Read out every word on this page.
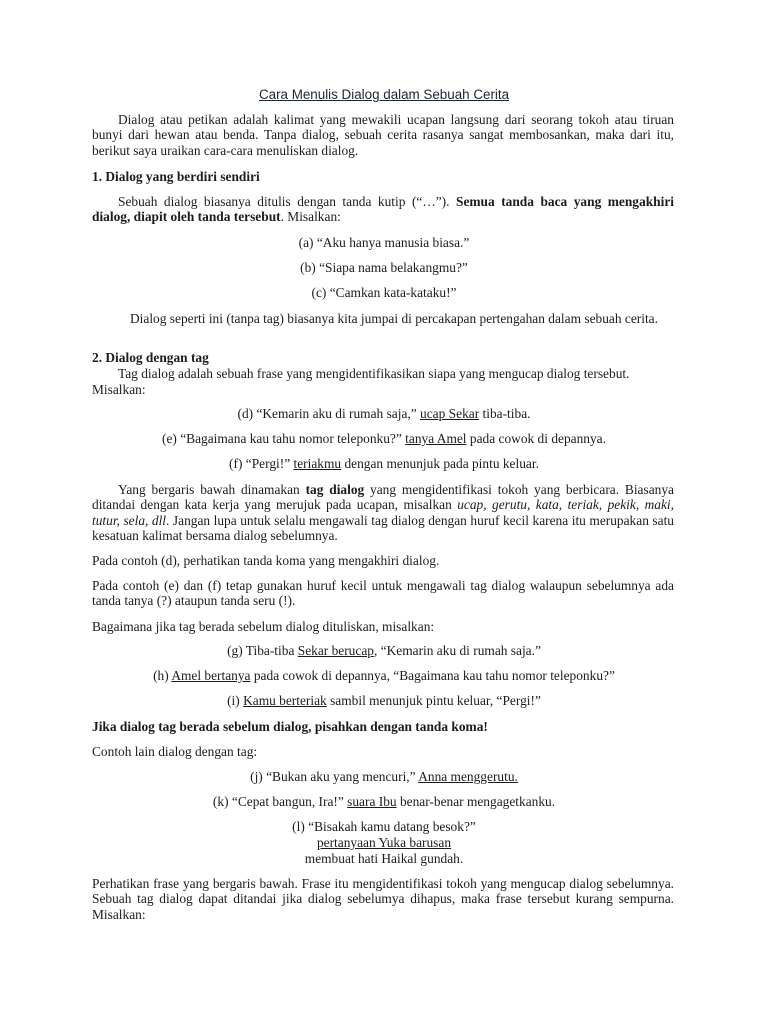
Cara Menulis Dialog dalam Sebuah Cerita
Dialog atau petikan adalah kalimat yang mewakili ucapan langsung dari seorang tokoh atau tiruan bunyi dari hewan atau benda. Tanpa dialog, sebuah cerita rasanya sangat membosankan, maka dari itu, berikut saya uraikan cara-cara menuliskan dialog.
1. Dialog yang berdiri sendiri
Sebuah dialog biasanya ditulis dengan tanda kutip (“…”). Semua tanda baca yang mengakhiri dialog, diapit oleh tanda tersebut. Misalkan:
(a) “Aku hanya manusia biasa.”
(b) “Siapa nama belakangmu?”
(c) “Camkan kata-kataku!”
Dialog seperti ini (tanpa tag) biasanya kita jumpai di percakapan pertengahan dalam sebuah cerita.
2. Dialog dengan tag
Tag dialog adalah sebuah frase yang mengidentifikasikan siapa yang mengucap dialog tersebut.
Misalkan:
(d) “Kemarin aku di rumah saja,” ucap Sekar tiba-tiba.
(e) “Bagaimana kau tahu nomor teleponku?” tanya Amel pada cowok di depannya.
(f) “Pergi!” teriakmu dengan menunjuk pada pintu keluar.
Yang bergaris bawah dinamakan tag dialog yang mengidentifikasi tokoh yang berbicara. Biasanya ditandai dengan kata kerja yang merujuk pada ucapan, misalkan ucap, gerutu, kata, teriak, pekik, maki, tutur, sela, dll. Jangan lupa untuk selalu mengawali tag dialog dengan huruf kecil karena itu merupakan satu kesatuan kalimat bersama dialog sebelumnya.
Pada contoh (d), perhatikan tanda koma yang mengakhiri dialog.
Pada contoh (e) dan (f) tetap gunakan huruf kecil untuk mengawali tag dialog walaupun sebelumnya ada tanda tanya (?) ataupun tanda seru (!).
Bagaimana jika tag berada sebelum dialog dituliskan, misalkan:
(g) Tiba-tiba Sekar berucap, “Kemarin aku di rumah saja.”
(h) Amel bertanya pada cowok di depannya, “Bagaimana kau tahu nomor teleponku?”
(i) Kamu berteriak sambil menunjuk pintu keluar, “Pergi!”
Jika dialog tag berada sebelum dialog, pisahkan dengan tanda koma!
Contoh lain dialog dengan tag:
(j) “Bukan aku yang mencuri,” Anna menggerutu.
(k) “Cepat bangun, Ira!” suara Ibu benar-benar mengagetkanku.
(l) “Bisakah kamu datang besok?”
pertanyaan Yuka barusan
membuat hati Haikal gundah.
Perhatikan frase yang bergaris bawah. Frase itu mengidentifikasi tokoh yang mengucap dialog sebelumnya. Sebuah tag dialog dapat ditandai jika dialog sebelumya dihapus, maka frase tersebut kurang sempurna. Misalkan:
